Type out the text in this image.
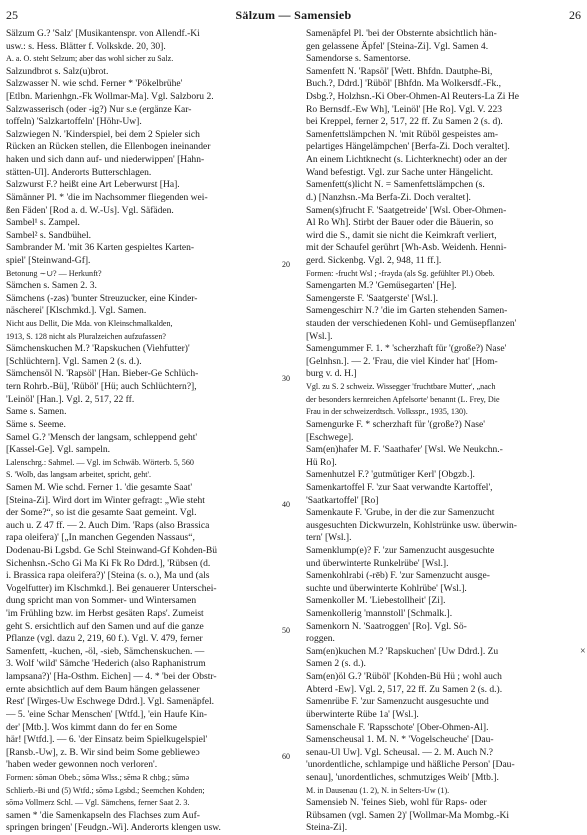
25	Sälzum — Samensieb	26
Sälzum G.? 'Salz' [Musikantenspr. von Allendf.-Ki
usw.: s. Hess. Blätter f. Volkskde. 20, 30].
A. a. O. steht Selzum; aber das wohl sicher zu Salz.
Salzundbrot s. Salz(u)brot.
Salzwasser N. wie schd. Ferner * 'Pökelbrühe'
[Etlbn. Marienhgn.-Fk Wollmar-Ma]. Vgl. Salzboru 2.
Salzwasserisch (oder -ig?) Nur s.e (ergänze Kar-
toffeln) 'Salzkartoffeln' [Höhr-Uw].
Salzwiegen N. 'Kinderspiel, bei dem 2 Spieler sich
Rücken an Rücken stellen, die Ellenbogen ineinander
haken und sich dann auf- und niederwippen' [Hahn-
stätten-Ul]. Anderorts Butterschlagen.
Salzwurst F.? heißt eine Art Leberwurst [Ha].
Sämänner Pl. * 'die im Nachsommer fliegenden wei-
ßen Fäden' [Rod a. d. W.-Us]. Vgl. Säfäden.
Sambel¹ s. Zampel.
Sambel² s. Sandbühel.
Sambrander M. 'mit 36 Karten gespieltes Karten-
spiel' [Steinwand-Gf].
Betonung ∼∪? — Herkunft?
Sämchen s. Samen 2. 3.
Sämchens (-zəs) 'bunter Streuzucker, eine Kinder-
näscherei' [Klschmkd.]. Vgl. Samen.
Nicht aus Dellit, Die Mda. von Kleinschmalkalden,
1913, S. 128 nicht als Pluralzeichen aufzufassen?
Sämchenskuchen M.? 'Rapskuchen (Viehfutter)'
[Schlüchtern]. Vgl. Samen 2 (s. d.).
Sämchensöl N. 'Rapsöl' [Han. Bieber-Ge Schlüch-
tern Rohrb.-Bü], 'Rüböl' [Hü; auch Schlüchtern?],
'Leinöl' [Han.]. Vgl. 2, 517, 22 ff.
Same s. Samen.
Säme s. Seeme.
Samel G.? 'Mensch der langsam, schleppend geht'
[Kassel-Ge]. Vgl. sampeln.
Lalenschrg.: Sahmel. — Vgl. im Schwäb. Wörterb. 5, 560
S. 'Wolb, das langsam arbeitet, spricht, geht'.
Samen M. Wie schd. Ferner 1. 'die gesamte Saat'
[Steina-Zi]. Wird dort im Winter gefragt: „Wie steht
der Some?“, so ist die gesamte Saat gemeint. Vgl.
auch u. Z 47 ff. — 2. Auch Dim. 'Raps (also Brassica
rapa oleifera)' [„In manchen Gegenden Nassaus“,
Dodenau-Bi Lgsbd. Ge Schl Steinwand-Gf Kohden-Bü
Sichenhsn.-Scho Gi Ma Ki Fk Ro Ddrd.], 'Rübsen (d.
i. Brassica rapa oleifera?)' [Steina (s. o.), Ma und (als
Vogelfutter) im Klschmkd.]. Bei genauerer Unterschei-
dung spricht man von Sommer- und Wintersamen
'im Frühling bzw. im Herbst gesäten Raps'. Zumeist
geht S. ersichtlich auf den Samen und auf die ganze
Pflanze (vgl. dazu 2, 219, 60 f.). Vgl. V. 479, ferner
Samenfett, -kuchen, -öl, -sieb, Sämchenskuchen. —
3. Wolf 'wild' Sämche 'Hederich (also Raphanistrum
lampsana?)' [Ha-Osthm. Eichen] — 4. * 'bei der Obstr-
ernte absichtlich auf dem Baum hängen gelassener
Rest' [Wirges-Uw Eschwege Ddrd.]. Vgl. Samenäpfel.
— 5. 'eine Schar Menschen' [Wtfd.], 'ein Haufe Kin-
der' [Mtb.]. Wos kimmt dann do fer en Some
här! [Wtfd.]. — 6. 'der Einsatz beim Spielkugelspiel'
[Ransb.-Uw], z. B. Wir sind beim Some geblieweɔ
'haben weder gewonnen noch verloren'.
Formen: sōmən Obeb.; sōmə Wlss.; sēmə R chbg.; sūmə
Schlierb.-Bi und (5) Wtfd.; sōmə Lgsbd.; Seemchen Kohden;
sōmə Vollmerz Schl. — Vgl. Sämchens, ferner Saat 2. 3.
samen * 'die Samenkapseln des Flachses zum Auf-
springen bringen' [Feudgn.-Wi]. Anderorts klengen usw.
Samenäpfel Pl. 'bei der Obsternte absichtlich hän-
gen gelassene Äpfel' [Steina-Zi]. Vgl. Samen 4.
Samendorse s. Samentorse.
Samenfett N. 'Rapsöl' [Wett. Bhfdn. Dautphe-Bi,
Buch.?, Ddrd.] 'Rüböl' [Bhfdn. Ma Wolkersdf.-Fk.,
Dsbg.?, Holzhsn.-Ki Ober-Ohmen-Al Reuters-La Zi He
Ro Bernsdf.-Ew Wh], 'Leinöl' [He Ro]. Vgl. V. 223
bei Kreppel, ferner 2, 517, 22 ff. Zu Samen 2 (s. d).
Samenfettslämpchen N. 'mit Rüböl gespeistes am-
pelartiges Hängelämpchen' [Berfa-Zi. Doch veraltet].
An einem Lichtknecht (s. Lichterknecht) oder an der
Wand befestigt. Vgl. zur Sache unter Hängelicht.
Samenfett(s)licht N. = Samenfettslämpchen (s.
d.) [Nanzhsn.-Ma Berfa-Zi. Doch veraltet].
Samen(s)frucht F. 'Saatgetreide' [Wsl. Ober-Ohmen-
Al Ro Wh]. Stirbt der Bauer oder die Bäuerin, so
wird die S., damit sie nicht die Keimkraft verliert,
mit der Schaufel gerührt [Wh-Asb. Weidenh. Henni-
gerd. Sickenbg. Vgl. 2, 948, 11 ff.].
Formen: -frucht Wsl ; -frəyda (als Sg. gefühlter Pl.) Obeb.
Samengarten M.? 'Gemüsegarten' [He].
Samengerste F. 'Saatgerste' [Wsl.].
Samengeschirr N.? 'die im Garten stehenden Samen-
stauden der verschiedenen Kohl- und Gemüsepflanzen'
[Wsl.].
Samengummer F. 1. * 'scherzhaft für '(große?) Nase'
[Gelnhsn.]. — 2. 'Frau, die viel Kinder hat' [Hom-
burg v. d. H.]
Vgl. zu S. 2 schweiz. Wissegger 'fruchtbare Mutter', „nach
der besonders kernreichen Apfelsorte' benannt (L. Frey, Die
Frau in der schweizerdtsch. Volksspr., 1935, 130).
Samengurke F. * scherzhaft für '(große?) Nase'
[Eschwege].
Sam(en)hafer M. F. 'Saathafer' [Wsl. We Neukchn.-
Hü Ro].
Samenhutzel F.? 'gutmütiger Kerl' [Obgzb.].
Samenkartoffel F. 'zur Saat verwandte Kartoffel',
'Saatkartoffel' [Ro]
Samenkaute F. 'Grube, in der die zur Samenzucht
ausgesuchten Dickwurzeln, Kohlstrünke usw. überwin-
tern' [Wsl.].
Samenklump(e)? F. 'zur Samenzucht ausgesuchte
und überwinterte Runkelrübe' [Wsl.].
Samenkohlrabi (-rēb) F. 'zur Samenzucht ausge-
suchte und überwinterte Kohlrübe' [Wsl.].
Samenkoller M. 'Liebestollheit' [Zi].
Samenkollerig 'mannstoll' [Schmalk.].
Samenkorn N. 'Saatroggen' [Ro]. Vgl. Sö-
roggen.
Sam(en)kuchen M.? 'Rapskuchen' [Uw Ddrd.]. Zu
Samen 2 (s. d.).
Sam(en)öl G.? 'Rüböl' [Kohden-Bü Hü ; wohl auch
Abterd -Ew]. Vgl. 2, 517, 22 ff. Zu Samen 2 (s. d.).
Samenrübe F. 'zur Samenzucht ausgesuchte und
überwinterte Rübe 1a' [Wsl.].
Samenschale F. 'Rapsschote' [Ober-Ohmen-Al].
Samenscheusal 1. M. N. * 'Vogelscheuche' [Dau-
senau-Ul Uw]. Vgl. Scheusal. — 2. M. Auch N.?
'unordentliche, schlampige und häßliche Person' [Dau-
senau], 'unordentliches, schmutziges Weib' [Mtb.].
M. in Dausenau (1. 2), N. in Selters-Uw (1).
Samensieb N. 'feines Sieb, wohl für Raps- oder
Rübsamen (vgl. Samen 2)' [Wollmar-Ma Mombg.-Ki
Steina-Zi].
20
30
40
50
60
×
